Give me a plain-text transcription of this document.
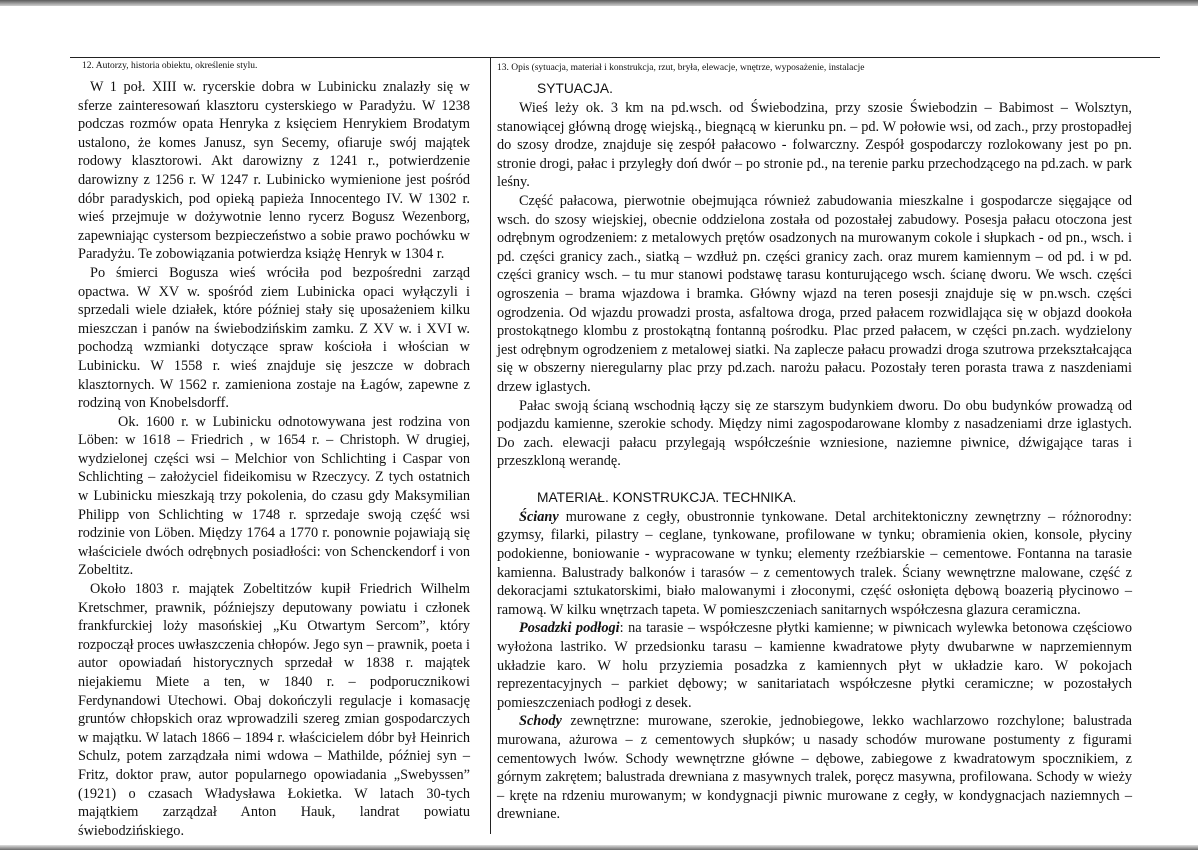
12. Autorzy, historia obiektu, określenie stylu.

W 1 poł. XIII w. rycerskie dobra w Lubinicku znalazły się w sferze zainteresowań klasztoru cysterskiego w Paradyżu. W 1238 podczas rozmów opata Henryka z księciem Henrykiem Brodatym ustalono, że komes Janusz, syn Secemy, ofiaruje swój majątek rodowy klasztorowi. Akt darowizny z 1241 r., potwierdzenie darowizny z 1256 r. W 1247 r. Lubinicko wymienione jest pośród dóbr paradyskich, pod opieką papieża Innocentego IV. W 1302 r. wieś przejmuje w dożywotnie lenno rycerz Bogusz Wezenborg, zapewniając cystersom bezpieczeństwo a sobie prawo pochówku w Paradyżu. Te zobowiązania potwierdza książę Henryk w 1304 r.

Po śmierci Bogusza wieś wróciła pod bezpośredni zarząd opactwa. W XV w. spośród ziem Lubinicka opaci wyłączyli i sprzedali wiele działek, które później stały się uposażeniem kilku mieszczan i panów na świebodzińskim zamku. Z XV w. i XVI w. pochodzą wzmianki dotyczące spraw kościoła i włościan w Lubinicku. W 1558 r. wieś znajduje się jeszcze w dobrach klasztornych. W 1562 r. zamieniona zostaje na Łagów, zapewne z rodziną von Knobelsdorff.

Ok. 1600 r. w Lubinicku odnotowywana jest rodzina von Löben: w 1618 – Friedrich , w 1654 r. – Christoph. W drugiej, wydzielonej części wsi – Melchior von Schlichting i Caspar von Schlichting – założyciel fideikomisu w Rzeczycy. Z tych ostatnich w Lubinicku mieszkają trzy pokolenia, do czasu gdy Maksymilian Philipp von Schlichting w 1748 r. sprzedaje swoją część wsi rodzinie von Löben. Między 1764 a 1770 r. ponownie pojawiają się właściciele dwóch odrębnych posiadłości: von Schenckendorf i von Zobeltitz.

Około 1803 r. majątek Zobeltitzów kupił Friedrich Wilhelm Kretschmer, prawnik, późniejszy deputowany powiatu i członek frankfurckiej loży masońskiej „Ku Otwartym Sercom”, który rozpoczął proces uwłaszczenia chłopów. Jego syn – prawnik, poeta i autor opowiadań historycznych sprzedał w 1838 r. majątek niejakiemu Miete a ten, w 1840 r. – podporucznikowi Ferdynandowi Utechowi. Obaj dokończyli regulacje i komasację gruntów chłopskich oraz wprowadzili szereg zmian gospodarczych w majątku. W latach 1866 – 1894 r. właścicielem dóbr był Heinrich Schulz, potem zarządzała nimi wdowa – Mathilde, później syn – Fritz, doktor praw, autor popularnego opowiadania „Swebyssen” (1921) o czasach Władysława Łokietka. W latach 30-tych majątkiem zarządzał Anton Hauk, landrat powiatu świebodzińskiego.

13. Opis (sytuacja, materiał i konstrukcja, rzut, bryła, elewacje, wnętrze, wyposażenie, instalacje

SYTUACJA.

Wieś leży ok. 3 km na pd.wsch. od Świebodzina, przy szosie Świebodzin – Babimost – Wolsztyn, stanowiącej główną drogę wiejską., biegnącą w kierunku pn. – pd. W połowie wsi, od zach., przy prostopadłej do szosy drodze, znajduje się zespół pałacowo - folwarczny. Zespół gospodarczy rozlokowany jest po pn. stronie drogi, pałac i przyległy doń dwór – po stronie pd., na terenie parku przechodzącego na pd.zach. w park leśny.

Część pałacowa, pierwotnie obejmująca również zabudowania mieszkalne i gospodarcze sięgające od wsch. do szosy wiejskiej, obecnie oddzielona została od pozostałej zabudowy. Posesja pałacu otoczona jest odrębnym ogrodzeniem: z metalowych prętów osadzonych na murowanym cokole i słupkach - od pn., wsch. i pd. części granicy zach., siatką – wzdłuż pn. części granicy zach. oraz murem kamiennym – od pd. i w pd. części granicy wsch. – tu mur stanowi podstawę tarasu konturującego wsch. ścianę dworu. We wsch. części ogroszenia – brama wjazdowa i bramka. Główny wjazd na teren posesji znajduje się w pn.wsch. części ogrodzenia. Od wjazdu prowadzi prosta, asfaltowa droga, przed pałacem rozwidlająca się w objazd dookoła prostokątnego klombu z prostokątną fontanną pośrodku. Plac przed pałacem, w części pn.zach. wydzielony jest odrębnym ogrodzeniem z metalowej siatki. Na zaplecze pałacu prowadzi droga szutrowa przekształcająca się w obszerny nieregularny plac przy pd.zach. narożu pałacu. Pozostały teren porasta trawa z naszdeniami drzew iglastych.

Pałac swoją ścianą wschodnią łączy się ze starszym budynkiem dworu. Do obu budynków prowadzą od podjazdu kamienne, szerokie schody. Między nimi zagospodarowane klomby z nasadzeniami drze iglastych. Do zach. elewacji pałacu przylegają współcześnie wzniesione, naziemne piwnice, dźwigające taras i przeszkloną werandę.

MATERIAŁ. KONSTRUKCJA. TECHNIKA.

Ściany murowane z cegły, obustronnie tynkowane. Detal architektoniczny zewnętrzny – różnorodny: gzymsy, filarki, pilastry – ceglane, tynkowane, profilowane w tynku; obramienia okien, konsole, płyciny podokienne, boniowanie - wypracowane w tynku; elementy rzeźbiarskie – cementowe. Fontanna na tarasie kamienna. Balustrady balkonów i tarasów – z cementowych tralek. Ściany wewnętrzne malowane, część z dekoracjami sztukatorskimi, biało malowanymi i złoconymi, część osłonięta dębową boazerią płycinowo – ramową. W kilku wnętrzach tapeta. W pomieszczeniach sanitarnych współczesna glazura ceramiczna.

Posadzki podłogi: na tarasie – współczesne płytki kamienne; w piwnicach wylewka betonowa częściowo wyłożona lastriko. W przedsionku tarasu – kamienne kwadratowe płyty dwubarwne w naprzemiennym układzie karo. W holu przyziemia posadzka z kamiennych płyt w układzie karo. W pokojach reprezentacyjnych – parkiet dębowy; w sanitariatach współczesne płytki ceramiczne; w pozostałych pomieszczeniach podłogi z desek.

Schody zewnętrzne: murowane, szerokie, jednobiegowe, lekko wachlarzowo rozchylone; balustrada murowana, ażurowa – z cementowych słupków; u nasady schodów murowane postumenty z figurami cementowych lwów. Schody wewnętrzne główne – dębowe, zabiegowe z kwadratowym spocznikiem, z górnym zakrętem; balustrada drewniana z masywnych tralek, poręcz masywna, profilowana. Schody w wieży – kręte na rdzeniu murowanym; w kondygnacji piwnic murowane z cegły, w kondygnacjach naziemnych – drewniane.
